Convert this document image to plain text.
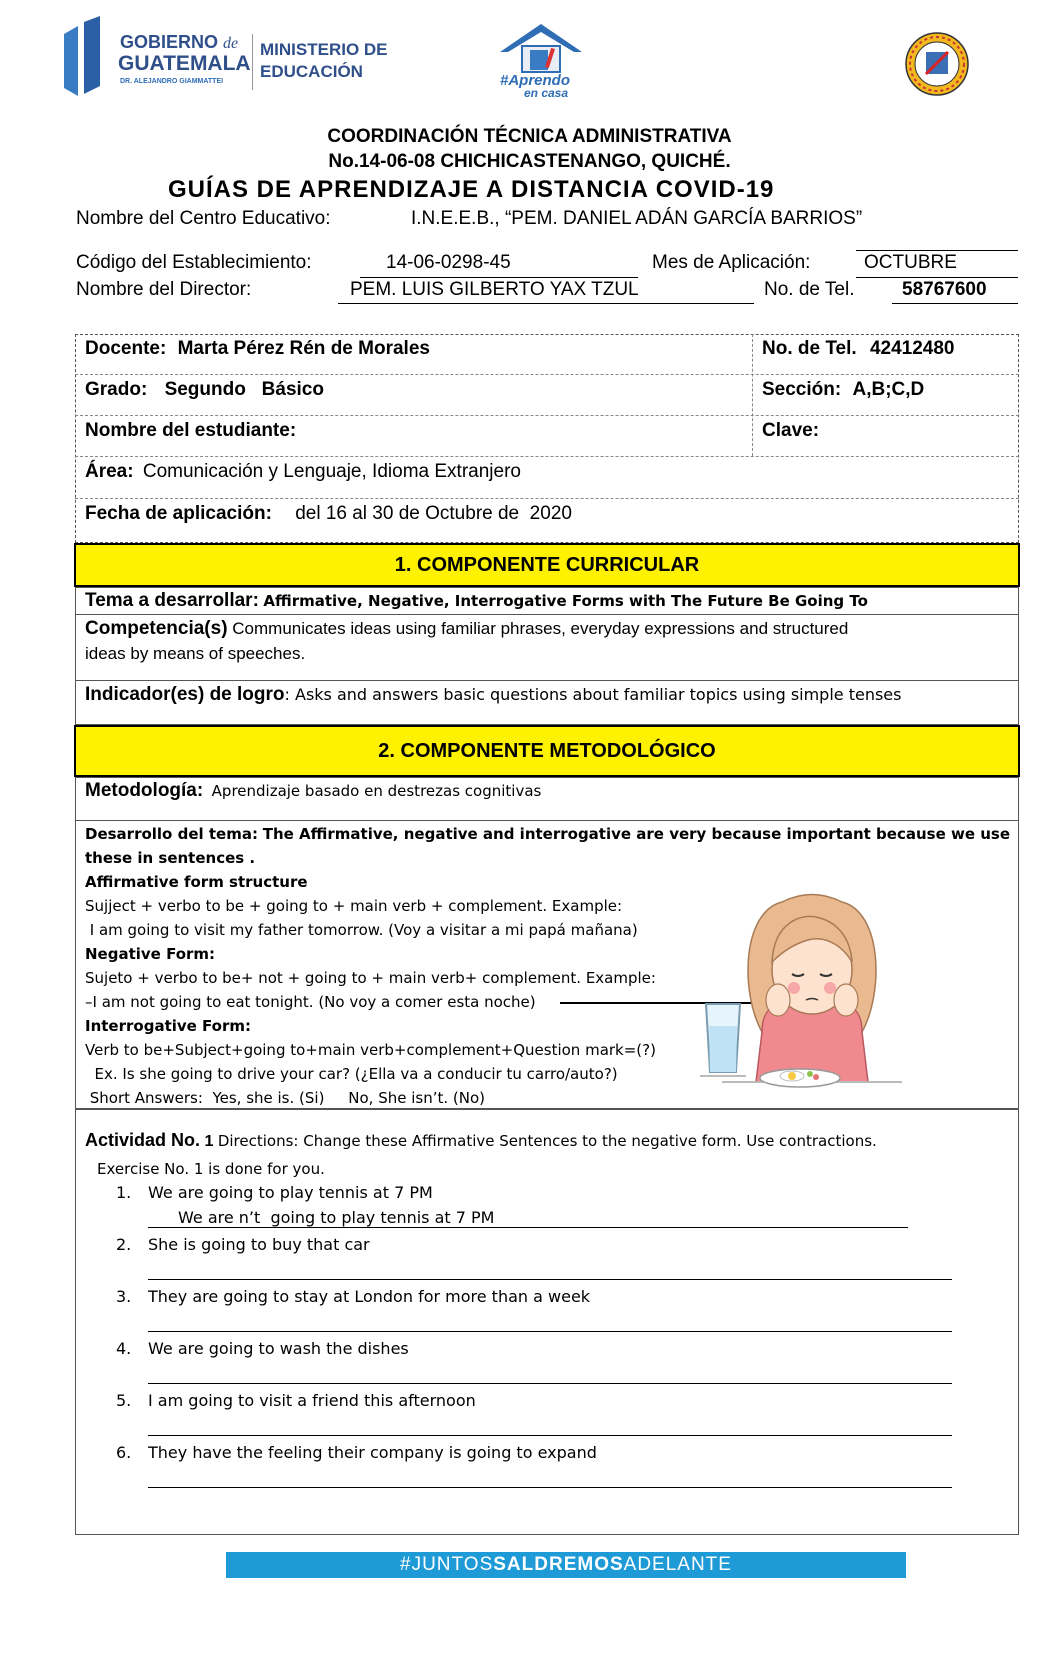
GOBIERNO de
GUATEMALA
DR. ALEJANDRO GIAMMATTEI
MINISTERIO DE
EDUCACIÓN	#Aprendo
en casa
COORDINACIÓN TÉCNICA ADMINISTRATIVA
No.14-06-08 CHICHICASTENANGO, QUICHÉ.
GUÍAS DE APRENDIZAJE A DISTANCIA COVID-19
Nombre del Centro Educativo:	I.N.E.E.B., “PEM. DANIEL ADÁN GARCÍA BARRIOS”
Código del Establecimiento:	14-06-0298-45	Mes de Aplicación:	OCTUBRE
Nombre del Director:	PEM. LUIS GILBERTO YAX TZUL	No. de Tel.	58767600
Docente: Marta Pérez Rén de Morales	No. de Tel. 42412480
Grado: Segundo   Básico	Sección: A,B;C,D
Nombre del estudiante:	Clave:
Área: Comunicación y Lenguaje, Idioma Extranjero
Fecha de aplicación: del 16 al 30 de Octubre de  2020
1. COMPONENTE CURRICULAR
Tema a desarrollar: Affirmative, Negative, Interrogative Forms with The Future Be Going To
Competencia(s) Communicates ideas using familiar phrases, everyday expressions and structured
ideas by means of speeches.
Indicador(es) de logro: Asks and answers basic questions about familiar topics using simple tenses
2. COMPONENTE METODOLÓGICO
Metodología: Aprendizaje basado en destrezas cognitivas
Desarrollo del tema: The Affirmative, negative and interrogative are very because important because we use
these in sentences .
Affirmative form structure
Sujject + verbo to be + going to + main verb + complement. Example:
I am going to visit my father tomorrow. (Voy a visitar a mi papá mañana)
Negative Form:
Sujeto + verbo to be+ not + going to + main verb+ complement. Example:
–I am not going to eat tonight. (No voy a comer esta noche)
Interrogative Form:
Verb to be+Subject+going to+main verb+complement+Question mark=(?)
Ex. Is she going to drive your car? (¿Ella va a conducir tu carro/auto?)
Short Answers:  Yes, she is. (Si)     No, She isn’t. (No)
Actividad No. 1 Directions: Change these Affirmative Sentences to the negative form. Use contractions.
Exercise No. 1 is done for you.
1. We are going to play tennis at 7 PM
We are n’t  going to play tennis at 7 PM
2. She is going to buy that car
3. They are going to stay at London for more than a week
4. We are going to wash the dishes
5. I am going to visit a friend this afternoon
6. They have the feeling their company is going to expand
#JUNTOSSALDREMOSADELANTE
